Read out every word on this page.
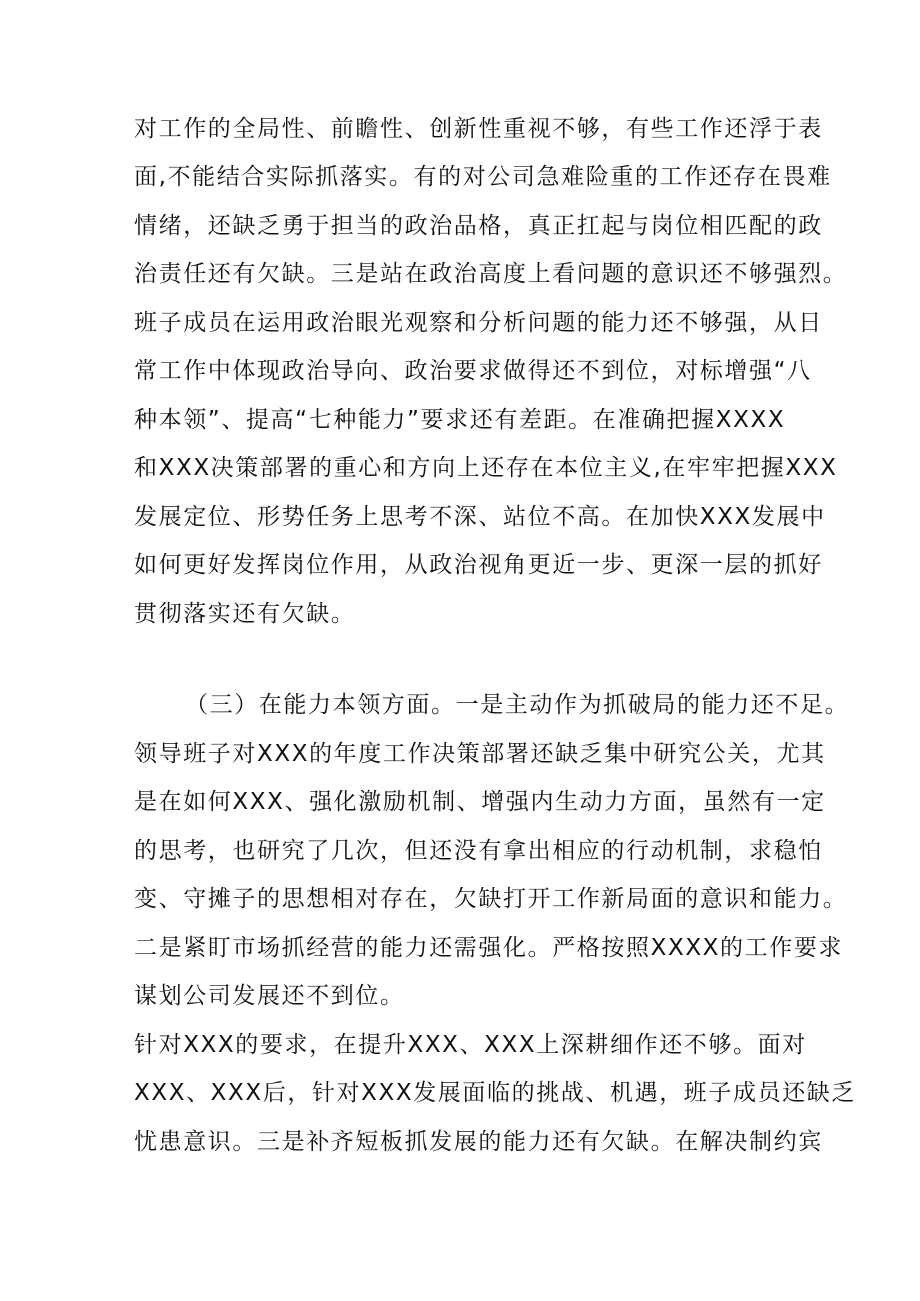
对工作的全局性、前瞻性、创新性重视不够，有些工作还浮于表
面,不能结合实际抓落实。有的对公司急难险重的工作还存在畏难
情绪，还缺乏勇于担当的政治品格，真正扛起与岗位相匹配的政
治责任还有欠缺。三是站在政治高度上看问题的意识还不够强烈。
班子成员在运用政治眼光观察和分析问题的能力还不够强，从日
常工作中体现政治导向、政治要求做得还不到位，对标增强“八
种本领”、提高“七种能力”要求还有差距。在准确把握XXXX
和XXX决策部署的重心和方向上还存在本位主义,在牢牢把握XXX
发展定位、形势任务上思考不深、站位不高。在加快XXX发展中
如何更好发挥岗位作用，从政治视角更近一步、更深一层的抓好
贯彻落实还有欠缺。
（三）在能力本领方面。一是主动作为抓破局的能力还不足。
领导班子对XXX的年度工作决策部署还缺乏集中研究公关，尤其
是在如何XXX、强化激励机制、增强内生动力方面，虽然有一定
的思考，也研究了几次，但还没有拿出相应的行动机制，求稳怕
变、守摊子的思想相对存在，欠缺打开工作新局面的意识和能力。
二是紧盯市场抓经营的能力还需强化。严格按照XXXX的工作要求
谋划公司发展还不到位。
针对XXX的要求，在提升XXX、XXX上深耕细作还不够。面对
XXX、XXX后，针对XXX发展面临的挑战、机遇，班子成员还缺乏
忧患意识。三是补齐短板抓发展的能力还有欠缺。在解决制约宾
